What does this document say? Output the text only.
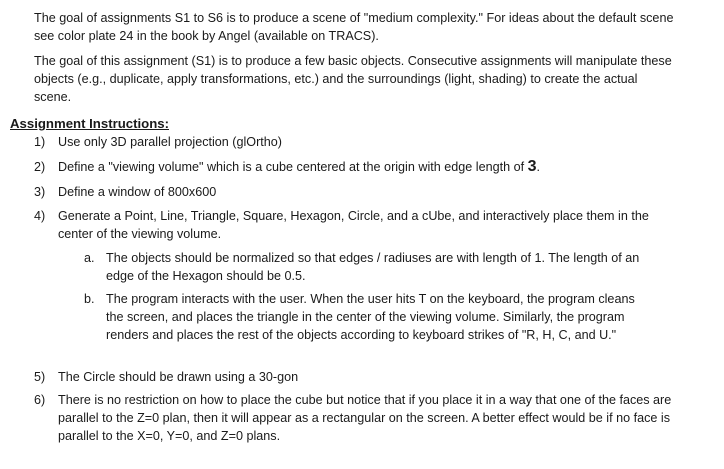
The goal of assignments S1 to S6 is to produce a scene of "medium complexity." For ideas about the default scene see color plate 24 in the book by Angel (available on TRACS).

The goal of this assignment (S1) is to produce a few basic objects. Consecutive assignments will manipulate these objects (e.g., duplicate, apply transformations, etc.) and the surroundings (light, shading) to create the actual scene.

Assignment Instructions:

1)	Use only 3D parallel projection (glOrtho)
2)	Define a "viewing volume" which is a cube centered at the origin with edge length of 3.
3)	Define a window of 800x600
4)	Generate a Point, Line, Triangle, Square, Hexagon, Circle, and a cUbe, and interactively place them in the center of the viewing volume.
a. The objects should be normalized so that edges / radiuses are with length of 1. The length of an edge of the Hexagon should be 0.5.
b. The program interacts with the user. When the user hits T on the keyboard, the program cleans the screen, and places the triangle in the center of the viewing volume. Similarly, the program renders and places the rest of the objects according to keyboard strikes of "R, H, C, and U."
5)	The Circle should be drawn using a 30-gon
6)	There is no restriction on how to place the cube but notice that if you place it in a way that one of the faces are parallel to the Z=0 plan, then it will appear as a rectangular on the screen. A better effect would be if no face is parallel to the X=0, Y=0, and Z=0 plans.
